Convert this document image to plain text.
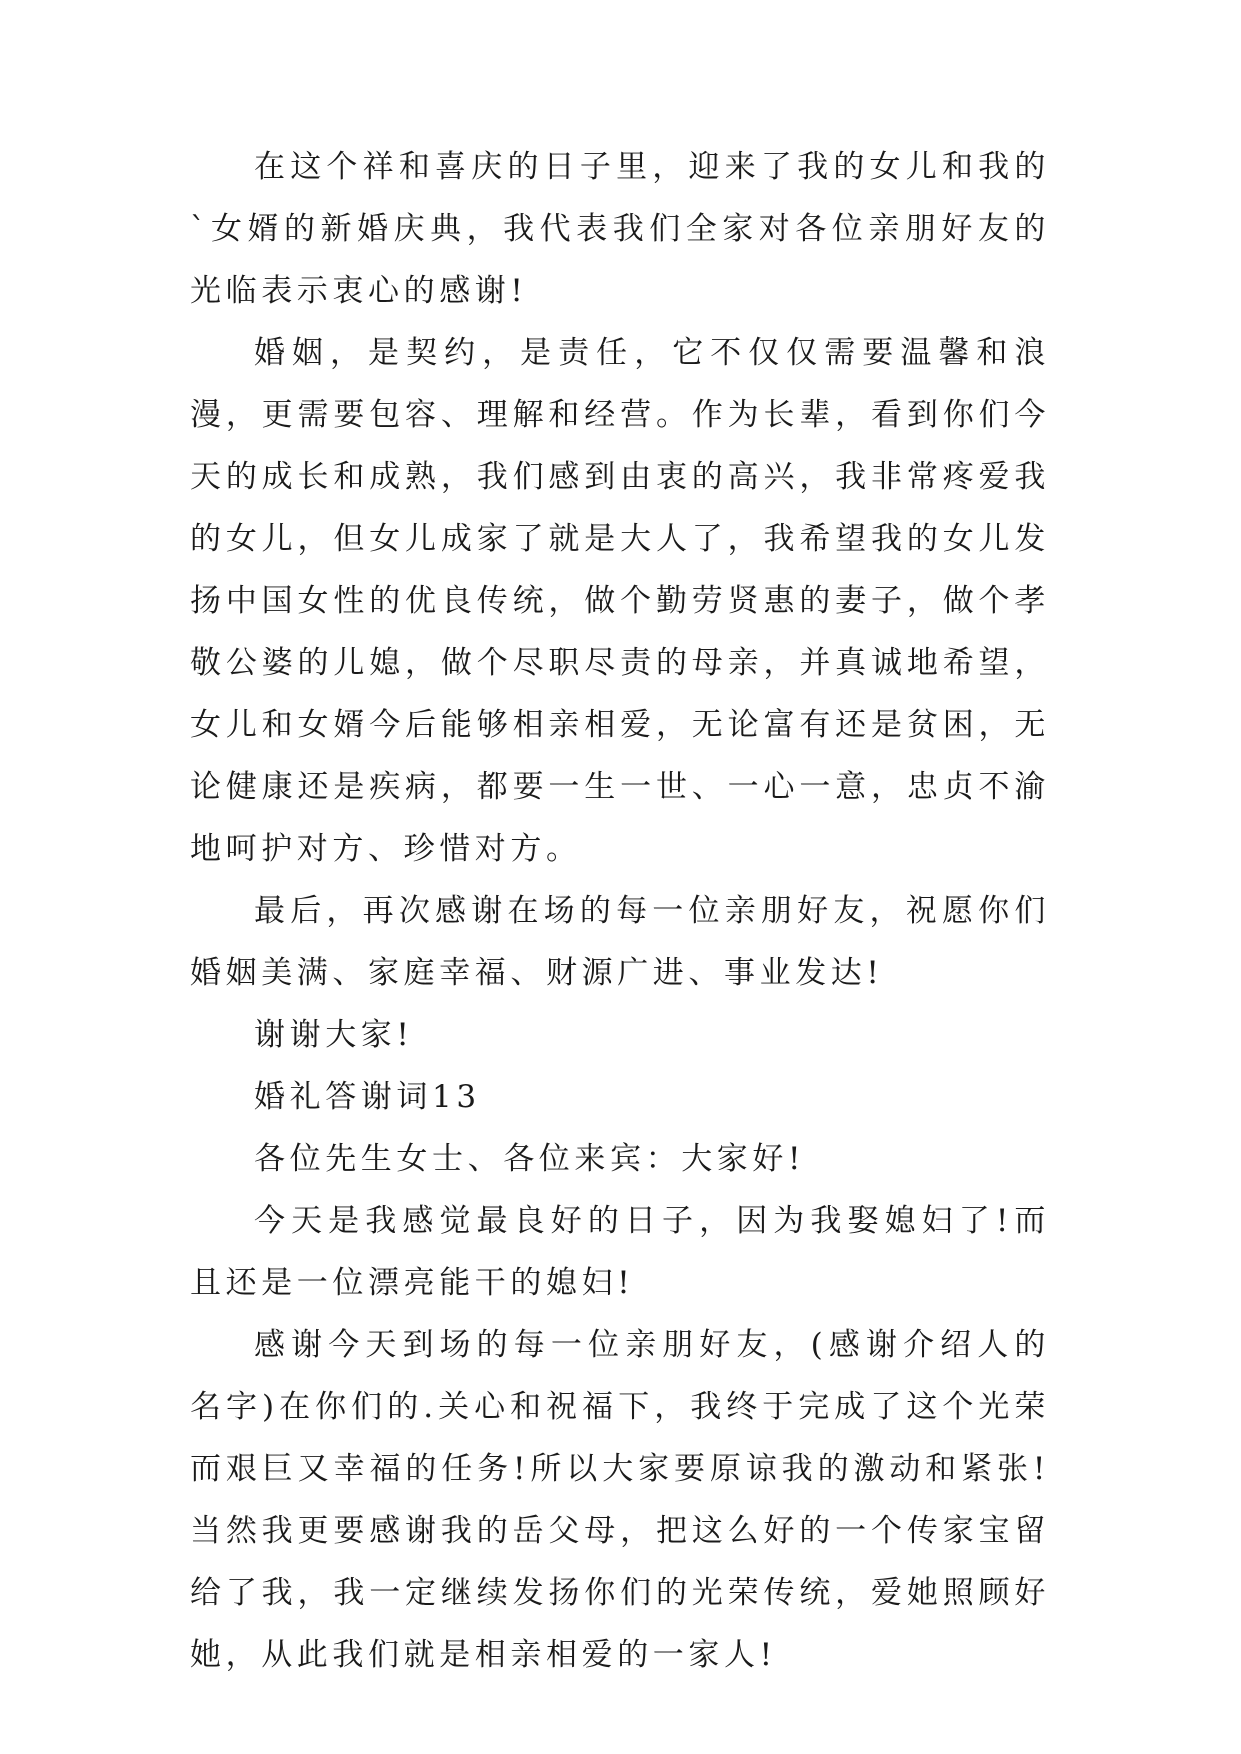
在这个祥和喜庆的日子里，迎来了我的女儿和我的`女婿的新婚庆典，我代表我们全家对各位亲朋好友的光临表示衷心的感谢!

婚姻，是契约，是责任，它不仅仅需要温馨和浪漫，更需要包容、理解和经营。作为长辈，看到你们今天的成长和成熟，我们感到由衷的高兴，我非常疼爱我的女儿，但女儿成家了就是大人了，我希望我的女儿发扬中国女性的优良传统，做个勤劳贤惠的妻子，做个孝敬公婆的儿媳，做个尽职尽责的母亲，并真诚地希望，女儿和女婿今后能够相亲相爱，无论富有还是贫困，无论健康还是疾病，都要一生一世、一心一意，忠贞不渝地呵护对方、珍惜对方。

最后，再次感谢在场的每一位亲朋好友，祝愿你们婚姻美满、家庭幸福、财源广进、事业发达!

谢谢大家!

婚礼答谢词13

各位先生女士、各位来宾：大家好!

今天是我感觉最良好的日子，因为我娶媳妇了!而且还是一位漂亮能干的媳妇!

感谢今天到场的每一位亲朋好友，(感谢介绍人的名字)在你们的.关心和祝福下，我终于完成了这个光荣而艰巨又幸福的任务!所以大家要原谅我的激动和紧张!当然我更要感谢我的岳父母，把这么好的一个传家宝留给了我，我一定继续发扬你们的光荣传统，爱她照顾好她，从此我们就是相亲相爱的一家人!
